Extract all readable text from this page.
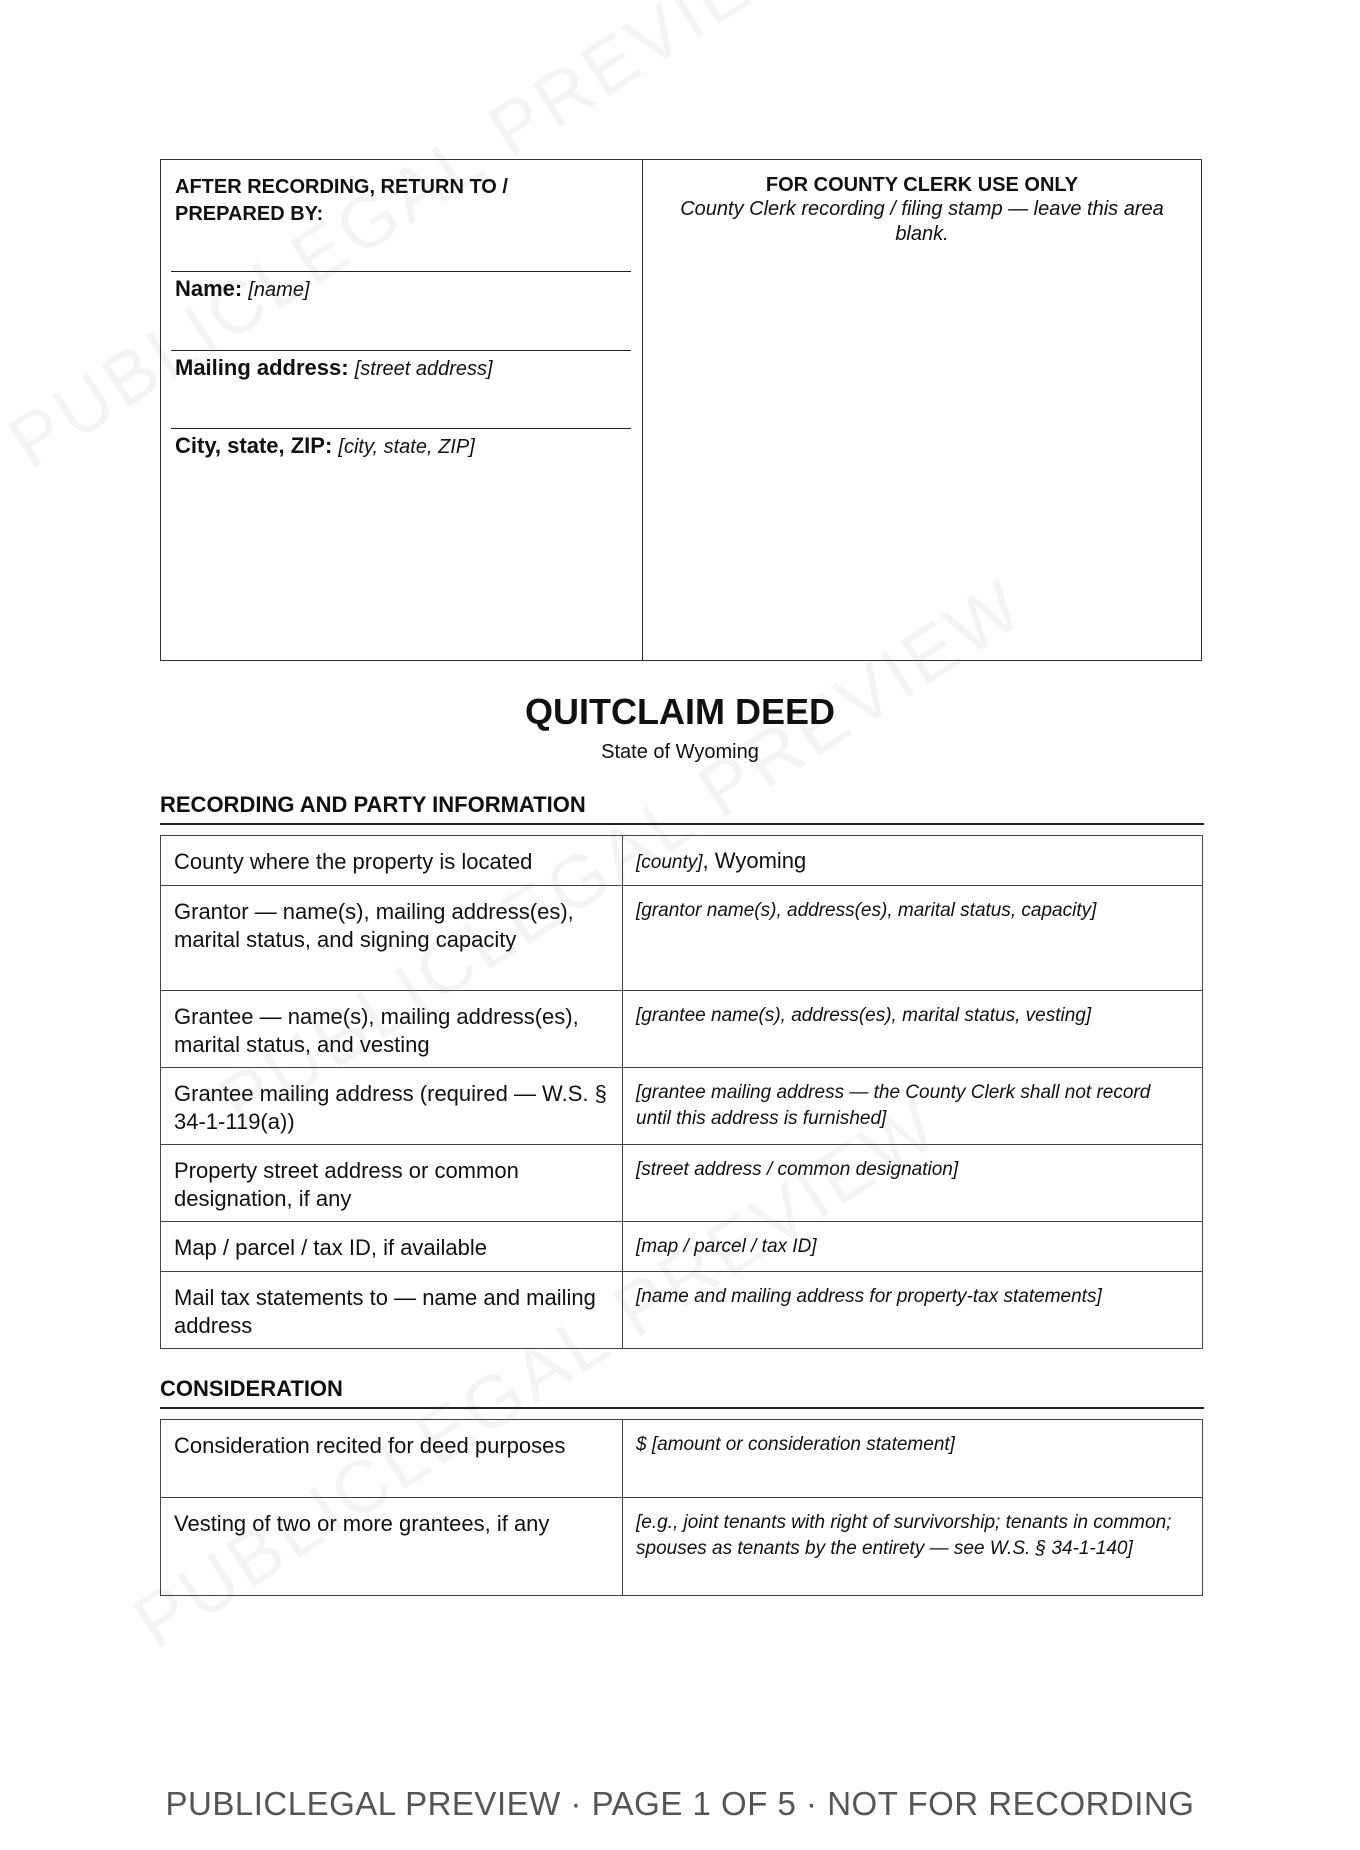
AFTER RECORDING, RETURN TO / PREPARED BY:
Name: [name]
Mailing address: [street address]
City, state, ZIP: [city, state, ZIP]
FOR COUNTY CLERK USE ONLY
County Clerk recording / filing stamp — leave this area blank.
QUITCLAIM DEED
State of Wyoming
RECORDING AND PARTY INFORMATION
County where the property is located	[county], Wyoming
Grantor — name(s), mailing address(es), marital status, and signing capacity	[grantor name(s), address(es), marital status, capacity]
Grantee — name(s), mailing address(es), marital status, and vesting	[grantee name(s), address(es), marital status, vesting]
Grantee mailing address (required — W.S. § 34-1-119(a))	[grantee mailing address — the County Clerk shall not record until this address is furnished]
Property street address or common designation, if any	[street address / common designation]
Map / parcel / tax ID, if available	[map / parcel / tax ID]
Mail tax statements to — name and mailing address	[name and mailing address for property-tax statements]
CONSIDERATION
Consideration recited for deed purposes	$ [amount or consideration statement]
Vesting of two or more grantees, if any	[e.g., joint tenants with right of survivorship; tenants in common; spouses as tenants by the entirety — see W.S. § 34-1-140]
PUBLICLEGAL PREVIEW · PAGE 1 OF 5 · NOT FOR RECORDING
